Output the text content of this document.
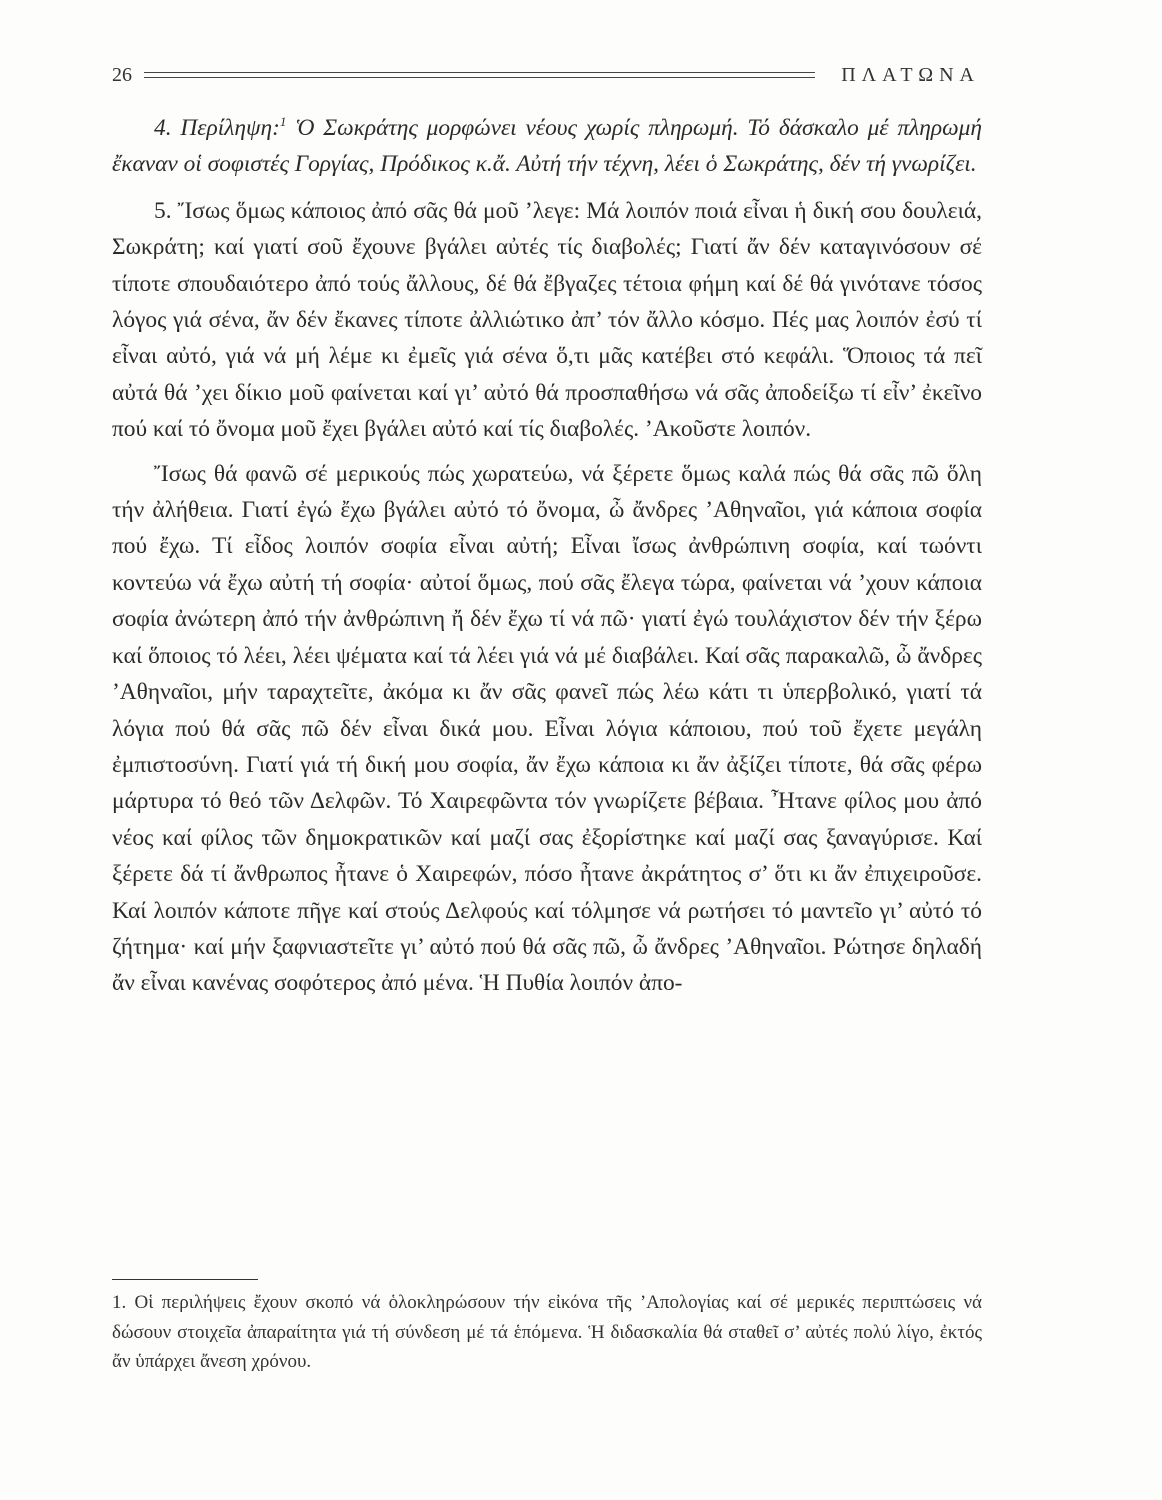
26	ΠΛΑΤΩΝΑ

4. Περίληψη:$^1$ Ὁ Σωκράτης μορφώνει νέους χωρίς πληρωμή. Τό δάσκαλο μέ πληρωμή ἔκαναν οἱ σοφιστές Γοργίας, Πρόδικος κ.ἄ. Αὐτή τήν τέχνη, λέει ὁ Σωκράτης, δέν τή γνωρίζει.

5. Ἴσως ὅμως κάποιος ἀπό σᾶς θά μοῦ ’λεγε: Μά λοιπόν ποιά εἶναι ἡ δική σου δουλειά, Σωκράτη; καί γιατί σοῦ ἔχουνε βγάλει αὐτές τίς διαβολές; Γιατί ἄν δέν καταγινόσουν σέ τίποτε σπουδαιότερο ἀπό τούς ἄλλους, δέ θά ἔβγαζες τέτοια φήμη καί δέ θά γινότανε τόσος λόγος γιά σένα, ἄν δέν ἔκανες τίποτε ἀλλιώτικο ἀπ’ τόν ἄλλο κόσμο. Πές μας λοιπόν ἐσύ τί εἶναι αὐτό, γιά νά μή λέμε κι ἐμεῖς γιά σένα ὅ,τι μᾶς κατέβει στό κεφάλι. Ὅποιος τά πεῖ αὐτά θά ’χει δίκιο μοῦ φαίνεται καί γι’ αὐτό θά προσπαθήσω νά σᾶς ἀποδείξω τί εἶν’ ἐκεῖνο πού καί τό ὄνομα μοῦ ἔχει βγάλει αὐτό καί τίς διαβολές. ’Ακοῦστε λοιπόν.

Ἴσως θά φανῶ σέ μερικούς πώς χωρατεύω, νά ξέρετε ὅμως καλά πώς θά σᾶς πῶ ὅλη τήν ἀλήθεια. Γιατί ἐγώ ἔχω βγάλει αὐτό τό ὄνομα, ὦ ἄνδρες ’Αθηναῖοι, γιά κάποια σοφία πού ἔχω. Τί εἶδος λοιπόν σοφία εἶναι αὐτή; Εἶναι ἴσως ἀνθρώπινη σοφία, καί τωόντι κοντεύω νά ἔχω αὐτή τή σοφία· αὐτοί ὅμως, πού σᾶς ἔλεγα τώρα, φαίνεται νά ’χουν κάποια σοφία ἀνώτερη ἀπό τήν ἀνθρώπινη ἤ δέν ἔχω τί νά πῶ· γιατί ἐγώ τουλάχιστον δέν τήν ξέρω καί ὅποιος τό λέει, λέει ψέματα καί τά λέει γιά νά μέ διαβάλει. Καί σᾶς παρακαλῶ, ὦ ἄνδρες ’Αθηναῖοι, μήν ταραχτεῖτε, ἀκόμα κι ἄν σᾶς φανεῖ πώς λέω κάτι τι ὑπερβολικό, γιατί τά λόγια πού θά σᾶς πῶ δέν εἶναι δικά μου. Εἶναι λόγια κάποιου, πού τοῦ ἔχετε μεγάλη ἐμπιστοσύνη. Γιατί γιά τή δική μου σοφία, ἄν ἔχω κάποια κι ἄν ἀξίζει τίποτε, θά σᾶς φέρω μάρτυρα τό θεό τῶν Δελφῶν. Τό Χαιρεφῶντα τόν γνωρίζετε βέβαια. Ἦτανε φίλος μου ἀπό νέος καί φίλος τῶν δημοκρατικῶν καί μαζί σας ἐξορίστηκε καί μαζί σας ξαναγύρισε. Καί ξέρετε δά τί ἄνθρωπος ἦτανε ὁ Χαιρεφών, πόσο ἦτανε ἀκράτητος σ’ ὅτι κι ἄν ἐπιχειροῦσε. Καί λοιπόν κάποτε πῆγε καί στούς Δελφούς καί τόλμησε νά ρωτήσει τό μαντεῖο γι’ αὐτό τό ζήτημα· καί μήν ξαφνιαστεῖτε γι’ αὐτό πού θά σᾶς πῶ, ὦ ἄνδρες ’Αθηναῖοι. Ρώτησε δηλαδή ἄν εἶναι κανένας σοφότερος ἀπό μένα. Ἡ Πυθία λοιπόν ἀπο-

1. Οἱ περιλήψεις ἔχουν σκοπό νά ὁλοκληρώσουν τήν εἰκόνα τῆς ’Απολογίας καί σέ μερικές περιπτώσεις νά δώσουν στοιχεῖα ἀπαραίτητα γιά τή σύνδεση μέ τά ἑπόμενα. Ἡ διδασκαλία θά σταθεῖ σ’ αὐτές πολύ λίγο, ἐκτός ἄν ὑπάρχει ἄνεση χρόνου.
